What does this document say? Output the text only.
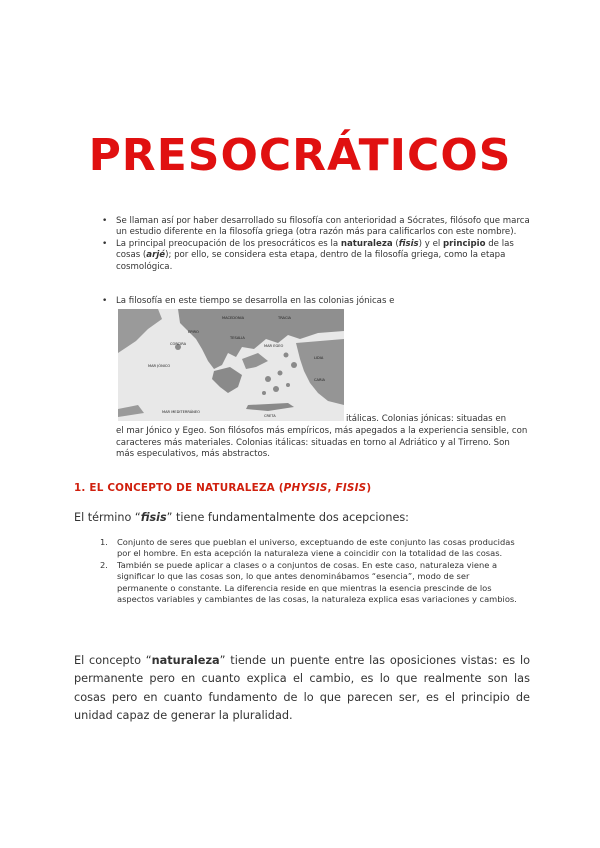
PRESOCRÁTICOS
• Se llaman así por haber desarrollado su filosofía con anterioridad a Sócrates, filósofo que marca un estudio diferente en la filosofía griega (otra razón más para calificarlos con este nombre).
• La principal preocupación de los presocráticos es la naturaleza (fisis) y el principio de las cosas (arjé); por ello, se considera esta etapa, dentro de la filosofía griega, como la etapa cosmológica.
• La filosofía en este tiempo se desarrolla en las colonias jónicas e
CORCIRA
EPIRO
MAR JÓNICO
MACEDONIA	TRACIA
TESALIA
MAR EGEO
LIDIA
CARIA
CRETA
MAR MEDITERRÁNEO
itálicas. Colonias jónicas: situadas en
el mar Jónico y Egeo. Son filósofos más empíricos, más apegados a la experiencia sensible, con caracteres más materiales. Colonias itálicas: situadas en torno al Adriático y al Tirreno. Son más especulativos, más abstractos.
1. EL CONCEPTO DE NATURALEZA (PHYSIS, FISIS)

El término “fisis” tiene fundamentalmente dos acepciones:

1. Conjunto de seres que pueblan el universo, exceptuando de este conjunto las cosas producidas por el hombre. En esta acepción la naturaleza viene a coincidir con la totalidad de las cosas.
2. También se puede aplicar a clases o a conjuntos de cosas. En este caso, naturaleza viene a significar lo que las cosas son, lo que antes denominábamos “esencia”, modo de ser permanente o constante. La diferencia reside en que mientras la esencia prescinde de los aspectos variables y cambiantes de las cosas, la naturaleza explica esas variaciones y cambios.

El concepto “naturaleza” tiende un puente entre las oposiciones vistas: es lo permanente pero en cuanto explica el cambio, es lo que realmente son las cosas pero en cuanto fundamento de lo que parecen ser, es el principio de unidad capaz de generar la pluralidad.
